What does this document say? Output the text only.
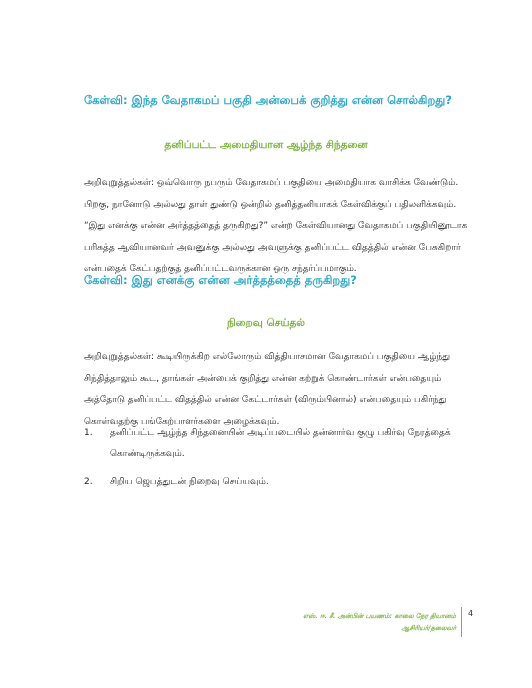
கேள்வி: இந்த வேதாகமப் பகுதி அன்பைக் குறித்து என்ன சொல்கிறது?
தனிப்பட்ட அமைதியான ஆழ்ந்த சிந்தனை

அறிவுறுத்தல்கள்: ஒவ்வொரு நபரும் வேதாகமப் பகுதியை அமைதியாக வாசிக்க வேண்டும்.

பிறகு, நானோடு அல்லது தாள் துண்டு ஒன்றில் தனித்தனியாகக் கேள்விக்குப் பதிலளிக்கவும்.

“இது எனக்கு என்ன அர்த்தத்தைத் தருகிறது?” என்ற கேள்வியானது வேதாகமப் பகுதியினூடாக

பரிசுத்த ஆவியானவர் அவனுக்கு அல்லது அவளுக்கு தனிப்பட்ட விதத்தில் என்ன பேசுகிறார்

என்பதைக் கேட்பதற்குத் தனிப்பட்டவருக்கான ஒரு சந்தர்ப்பமாகும்.

கேள்வி: இது எனக்கு என்ன அர்த்தத்தைத் தருகிறது?
நிறைவு செய்தல்

அறிவுறுத்தல்கள்: கூடியிருக்கிற எல்லோரும் வித்தியாசமான வேதாகமப் பகுதியை ஆழ்ந்து

சிந்தித்தாலும் கூட, தாங்கள் அன்பைக் குறித்து என்ன கற்றுக் கொண்டார்கள் என்பதையும்

அத்தோடு தனிப்பட்ட விதத்தில் என்ன கேட்டார்கள் (விரும்பினால்) என்பதையும் பகிர்ந்து

கொள்வதற்கு பங்கேற்பாளர்களை அழைக்கவும்.

1. தனிப்பட்ட ஆழ்ந்த சிந்தனையின் அடிப்படையில் தன்னார்வ குழு பகிர்வு நேரத்தைக்

கொண்டிருக்கவும்.

2. சிறிய ஜெபத்துடன் நிறைவு செய்யவும்.

எஸ். ஈ. சீ. அன்பின் பயணம்: காலை நேர தியானம்

ஆசிரியர்/தலைவர்

4
